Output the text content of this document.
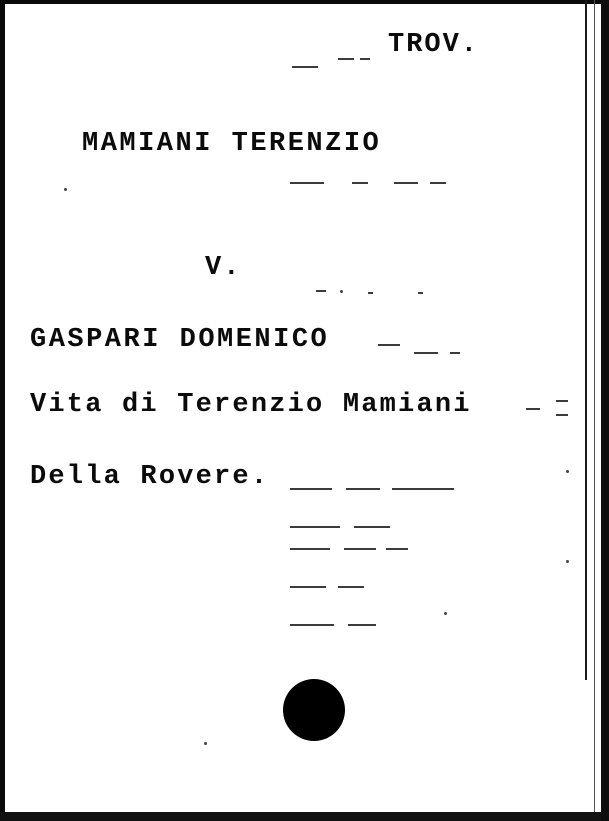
TROV.
MAMIANI TERENZIO
V.
GASPARI DOMENICO
Vita di Terenzio Mamiani
Della Rovere.
